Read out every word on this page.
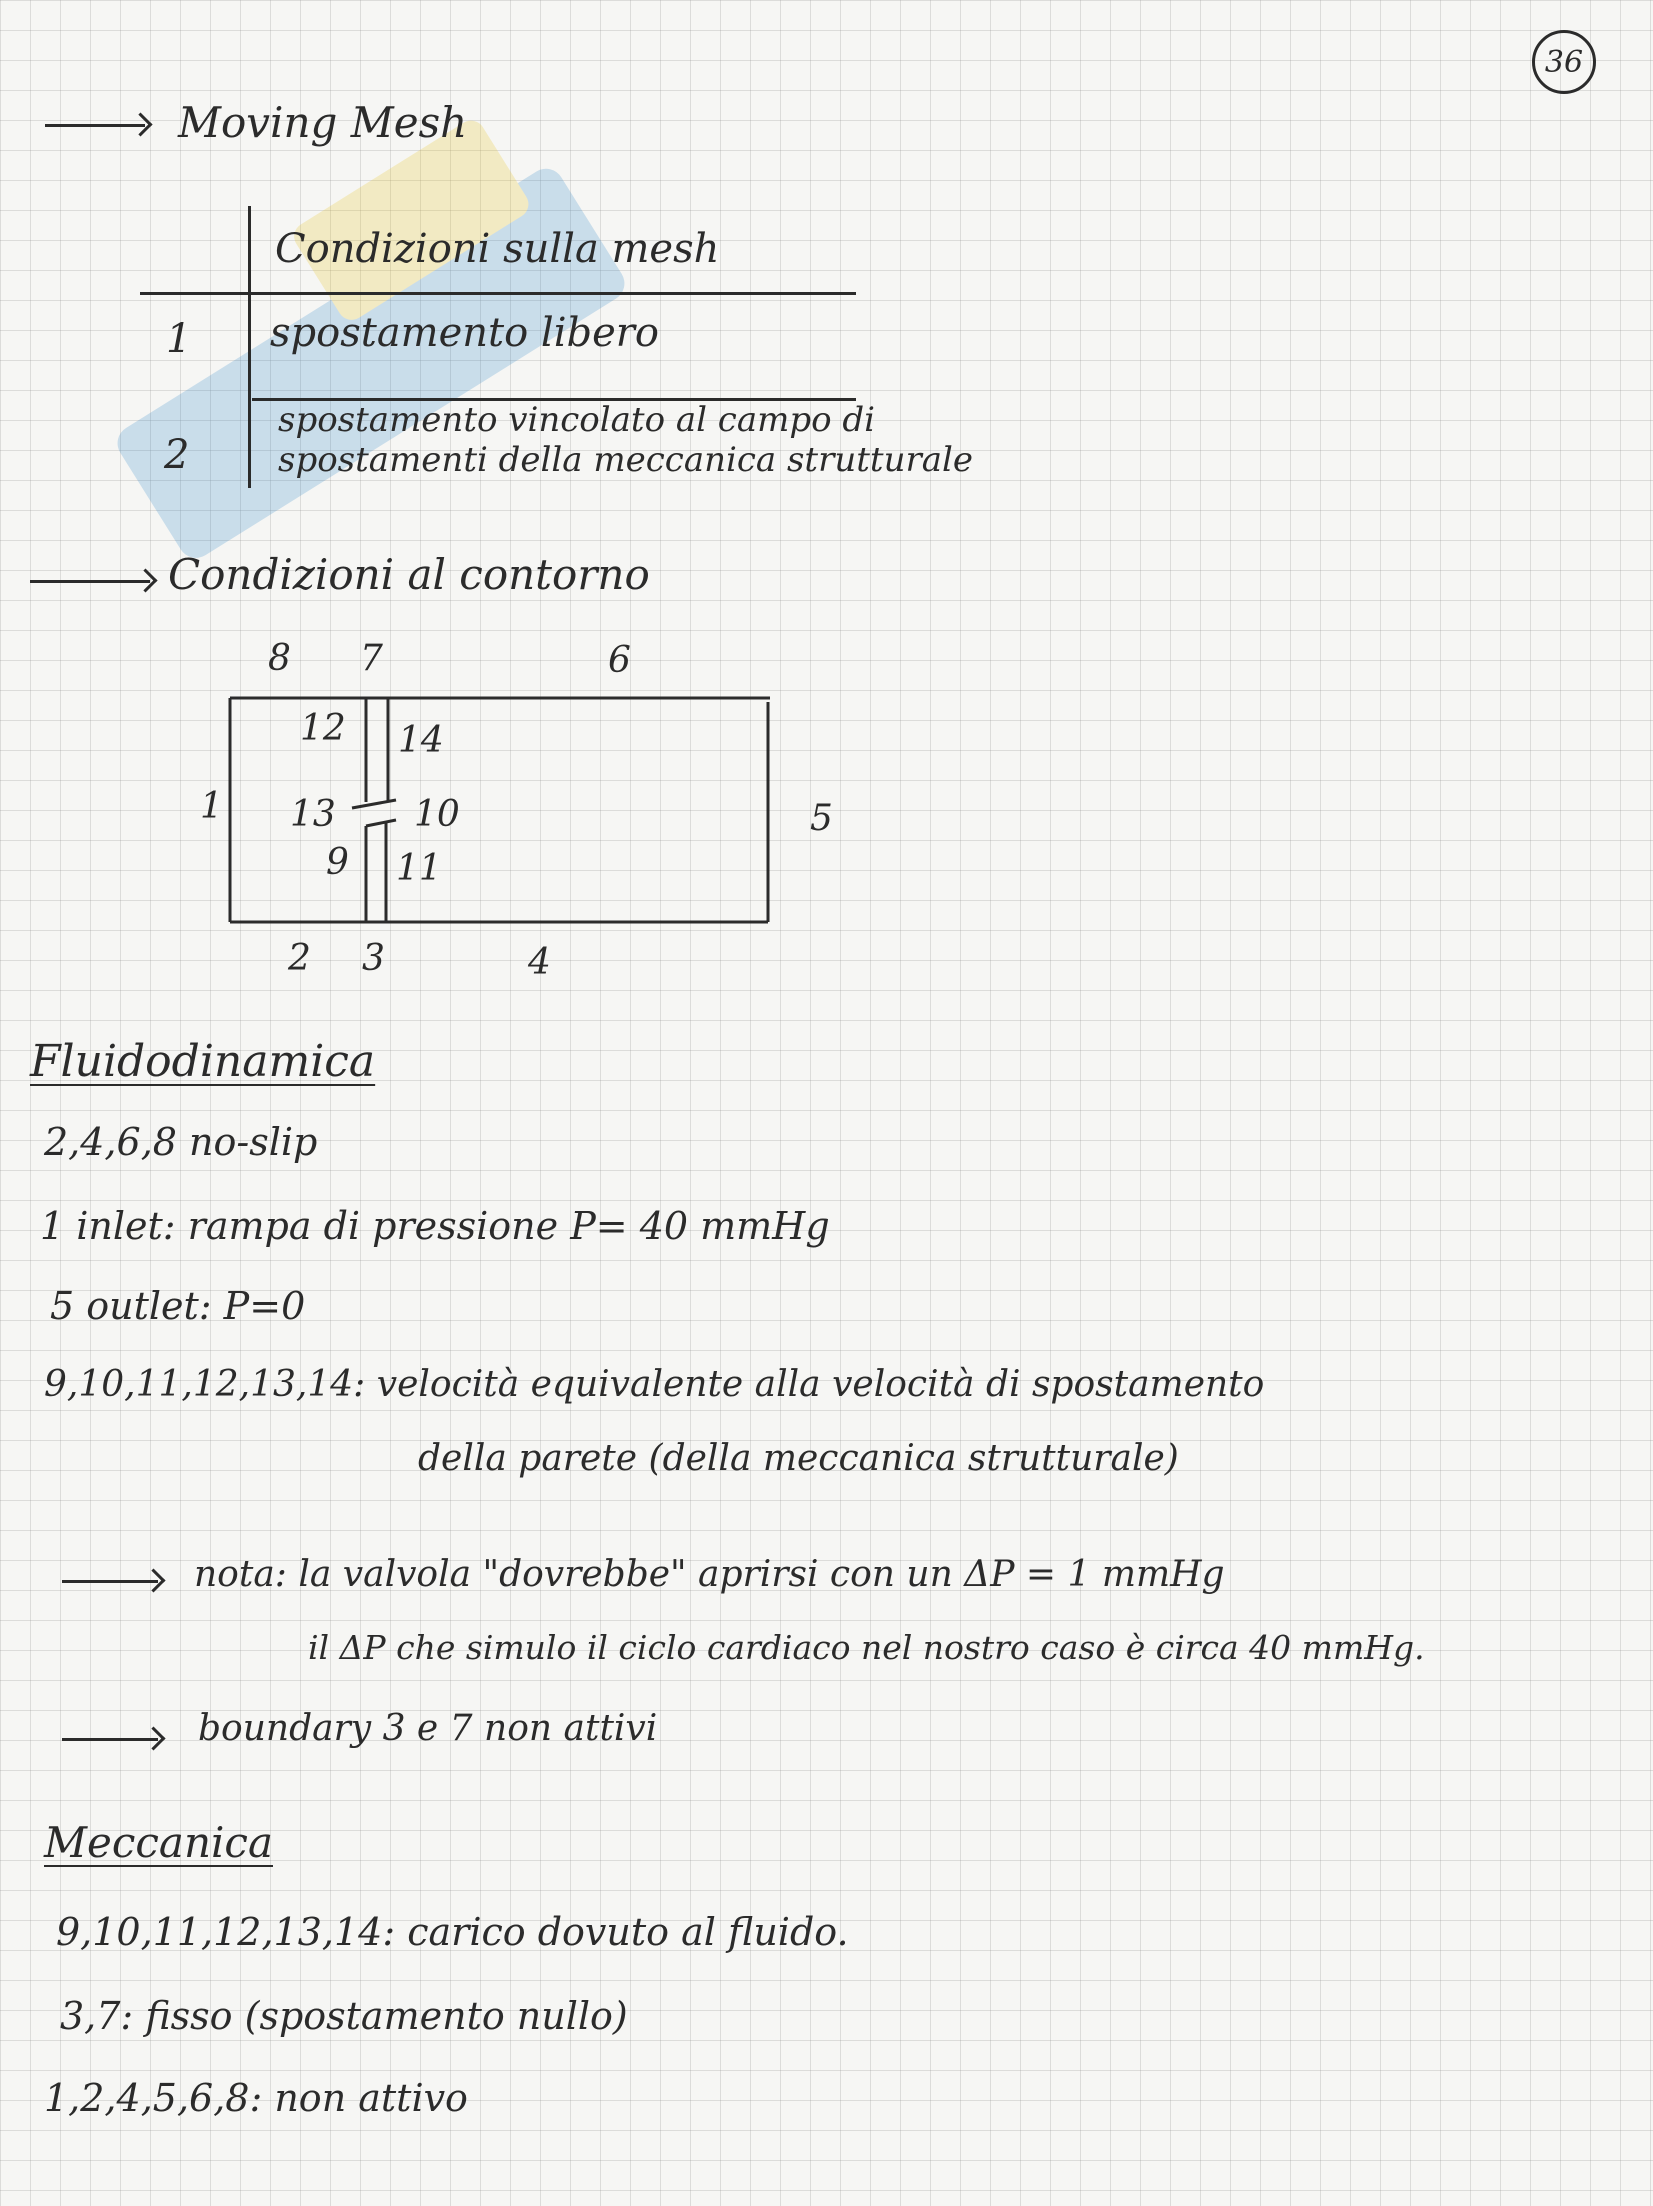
36
Moving Mesh
Condizioni sulla mesh
1 spostamento libero
2
spostamento vincolato al campo di
spostamenti della meccanica strutturale
Condizioni al contorno
8 7	6
12 14
1 13 10	5
9 11
2 3	4
Fluidodinamica
2,4,6,8 no-slip
1 inlet: rampa di pressione P= 40 mmHg
5 outlet: P=0
9,10,11,12,13,14: velocità equivalente alla velocità di spostamento
della parete (della meccanica strutturale)
nota: la valvola "dovrebbe" aprirsi con un ΔP = 1 mmHg
il ΔP che simulo il ciclo cardiaco nel nostro caso è circa 40 mmHg.
boundary 3 e 7 non attivi
Meccanica
9,10,11,12,13,14: carico dovuto al fluido.
3,7: fisso (spostamento nullo)
1,2,4,5,6,8: non attivo
